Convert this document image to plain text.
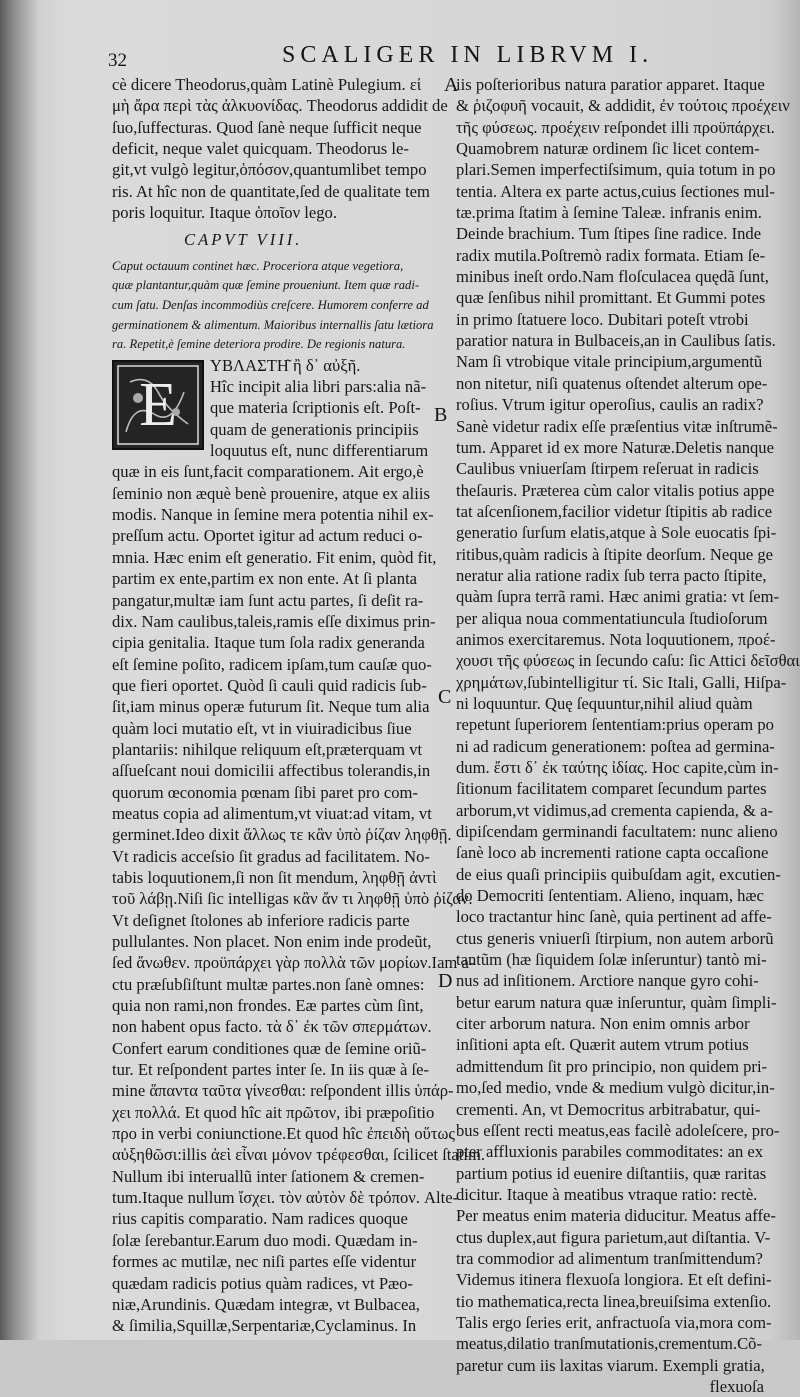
32	SCALIGER IN LIBRVM I.
A
B
C
D
E
cè dicere Theodorus,quàm Latinè Pulegium. εἰ
μὴ ἄρα περὶ τὰς ἀλκυονίδας. Theodorus addidit de
ſuo,ſuffecturas. Quod ſanè neque ſufficit neque
deficit, neque valet quicquam. Theodorus le-
git,vt vulgò legitur,ὁπόσον,quantumlibet tempo
ris. At hîc non de quantitate,ſed de qualitate tem
poris loquitur. Itaque ὁποῖον lego.
CAPVT VIII.
Caput octauum continet hæc. Proceriora atque vegetiora,
quæ plantantur,quàm quæ ſemine proueniunt. Item quæ radi-
cum ſatu. Denſas incommodiùs creſcere. Humorem conferre ad
germinationem & alimentum. Maioribus internallis ſatu lætiora
ra. Repetit,è ſemine deteriora prodire. De regionis natura.
ΥΒΛΑΣΤΗ͂ ἢ δ᾽ αὐξῆ.
Hîc incipit alia libri pars:alia nã-
que materia ſcriptionis eſt. Poſt-
quam de generationis principiis
loquutus eſt, nunc differentiarum
quæ in eis ſunt,facit comparationem. Ait ergo,è
ſeminio non æquè benè prouenire, atque ex aliis
modis. Nanque in ſemine mera potentia nihil ex-
preſſum actu. Oportet igitur ad actum reduci o-
mnia. Hæc enim eſt generatio. Fit enim, quòd fit,
partim ex ente,partim ex non ente. At ſi planta
pangatur,multæ iam ſunt actu partes, ſi deſit ra-
dix. Nam caulibus,taleis,ramis eſſe diximus prin-
cipia genitalia. Itaque tum ſola radix generanda
eſt ſemine poſito, radicem ipſam,tum cauſæ quo-
que fieri oportet. Quòd ſi cauli quid radicis ſub-
ſit,iam minus operæ futurum ſit. Neque tum alia
quàm loci mutatio eſt, vt in viuiradicibus ſiue
plantariis: nihilque reliquum eſt,præterquam vt
aſſueſcant noui domicilii affectibus tolerandis,in
quorum œconomia pœnam ſibi paret pro com-
meatus copia ad alimentum,vt viuat:ad vitam, vt
germinet.Ideo dixit ἄλλως τε κἂν ὑπὸ ῥίζαν ληφθῇ.
Vt radicis acceſsio ſit gradus ad facilitatem. No-
tabis loquutionem,ſi non ſit mendum, ληφθῇ ἀντὶ
τοῦ λάβῃ.Niſi ſic intelligas κἂν ἄν τι ληφθῇ ὑπὸ ῥίζαν.
Vt deſignet ſtolones ab inferiore radicis parte
pullulantes. Non placet. Non enim inde prodeũt,
ſed ἄνωθεν. προϋπάρχει γὰρ πολλὰ τῶν μορίων.Iam a-
ctu præſubſiſtunt multæ partes.non ſanè omnes:
quia non rami,non frondes. Eæ partes cùm ſint,
non habent opus facto. τὰ δ᾽ ἐκ τῶν σπερμάτων.
Confert earum conditiones quæ de ſemine oriũ-
tur. Et reſpondent partes inter ſe. In iis quæ à ſe-
mine ἅπαντα ταῦτα γίνεσθαι: reſpondent illis ὑπάρ-
χει πολλά. Et quod hîc ait πρῶτον, ibi præpoſitio
προ in verbi coniunctione.Et quod hîc ἐπειδὴ οὕτως
αὐξηθῶσι:illis ἀεὶ εἶναι μόνον τρέφεσθαι, ſcilicet ſtatim.
Nullum ibi interuallũ inter ſationem & cremen-
tum.Itaque nullum ἴσχει. τὸν αὐτὸν δὲ τρόπον. Alte-
rius capitis comparatio. Nam radices quoque
ſolæ ſerebantur.Earum duo modi. Quædam in-
formes ac mutilæ, nec niſi partes eſſe videntur
quædam radicis potius quàm radices, vt Pæo-
niæ,Arundinis. Quædam integræ, vt Bulbacea,
& ſimilia,Squillæ,Serpentariæ,Cyclaminus. In
iis poſterioribus natura paratior apparet. Itaque
& ῥιζοφυῆ vocauit, & addidit, ἐν τούτοις προέχειν
τῆς φύσεως. προέχειν reſpondet illi προϋπάρχει.
Quamobrem naturæ ordinem ſic licet contem-
plari.Semen imperfectiſsimum, quia totum in po
tentia. Altera ex parte actus,cuius ſectiones mul-
tæ.prima ſtatim à ſemine Taleæ. infranis enim.
Deinde brachium. Tum ſtipes ſine radice. Inde
radix mutila.Poſtremò radix formata. Etiam ſe-
minibus ineſt ordo.Nam floſculacea quędã ſunt,
quæ ſenſibus nihil promittant. Et Gummi potes
in primo ſtatuere loco. Dubitari poteſt vtrobi
paratior natura in Bulbaceis,an in Caulibus ſatis.
Nam ſi vtrobique vitale principium,argumentũ
non nitetur, niſi quatenus oſtendet alterum ope-
roſius. Vtrum igitur operoſius, caulis an radix?
Sanè videtur radix eſſe præſentius vitæ inſtrumẽ-
tum. Apparet id ex more Naturæ.Deletis nanque
Caulibus vniuerſam ſtirpem reſeruat in radicis
theſauris. Præterea cùm calor vitalis potius appe
tat aſcenſionem,facilior videtur ſtipitis ab radice
generatio ſurſum elatis,atque à Sole euocatis ſpi-
ritibus,quàm radicis à ſtipite deorſum. Neque ge
neratur alia ratione radix ſub terra pacto ſtipite,
quàm ſupra terrã rami. Hæc animi gratia: vt ſem-
per aliqua noua commentatiuncula ſtudioſorum
animos exercitaremus. Nota loquutionem, προέ-
χουσι τῆς φύσεως in ſecundo caſu: ſic Attici δεῖσθαι
χρημάτων,ſubintelligitur τί. Sic Itali, Galli, Hiſpa-
ni loquuntur. Quę ſequuntur,nihil aliud quàm
repetunt ſuperiorem ſententiam:prius operam po
ni ad radicum generationem: poſtea ad germina-
dum. ἔστι δ᾽ ἐκ ταύτης ἰδίας. Hoc capite,cùm in-
ſitionum facilitatem comparet ſecundum partes
arborum,vt vidimus,ad crementa capienda, & a-
dipiſcendam germinandi facultatem: nunc alieno
ſanè loco ab incrementi ratione capta occaſione
de eius quaſi principiis quibuſdam agit, excutien-
do Democriti ſententiam. Alieno, inquam, hæc
loco tractantur hinc ſanè, quia pertinent ad affe-
ctus generis vniuerſi ſtirpium, non autem arborũ
tantũm (hæ ſiquidem ſolæ inſeruntur) tantò mi-
nus ad inſitionem. Arctiore nanque gyro cohi-
betur earum natura quæ inſeruntur, quàm ſimpli-
citer arborum natura. Non enim omnis arbor
inſitioni apta eſt. Quærit autem vtrum potius
admittendum ſit pro principio, non quidem pri-
mo,ſed medio, vnde & medium vulgò dicitur,in-
crementi. An, vt Democritus arbitrabatur, qui-
bus eſſent recti meatus,eas facilè adoleſcere, pro-
pter affluxionis parabiles commoditates: an ex
partium potius id euenire diſtantiis, quæ raritas
dicitur. Itaque à meatibus vtraque ratio: rectè.
Per meatus enim materia diducitur. Meatus affe-
ctus duplex,aut figura parietum,aut diſtantia. V-
tra commodior ad alimentum tranſmittendum?
Videmus itinera flexuoſa longiora. Et eſt defini-
tio mathematica,recta linea,breuiſsima extenſio.
Talis ergo ſeries erit, anfractuoſa via,mora com-
meatus,dilatio tranſmutationis,crementum.Cõ-
paretur cum iis laxitas viarum. Exempli gratia,
flexuoſa
